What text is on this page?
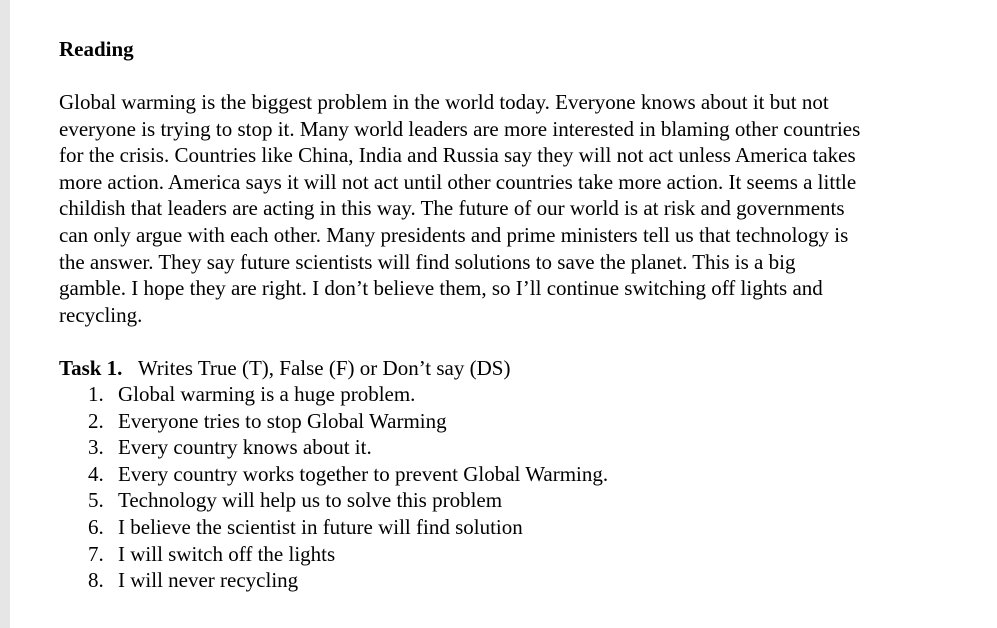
Reading
Global warming is the biggest problem in the world today. Everyone knows about it but not
everyone is trying to stop it. Many world leaders are more interested in blaming other countries
for the crisis. Countries like China, India and Russia say they will not act unless America takes
more action. America says it will not act until other countries take more action. It seems a little
childish that leaders are acting in this way. The future of our world is at risk and governments
can only argue with each other. Many presidents and prime ministers tell us that technology is
the answer. They say future scientists will find solutions to save the planet. This is a big
gamble. I hope they are right. I don’t believe them, so I’ll continue switching off lights and
recycling.
Task 1. Writes True (T), False (F) or Don’t say (DS)
1. Global warming is a huge problem.
2. Everyone tries to stop Global Warming
3. Every country knows about it.
4. Every country works together to prevent Global Warming.
5. Technology will help us to solve this problem
6. I believe the scientist in future will find solution
7. I will switch off the lights
8. I will never recycling
